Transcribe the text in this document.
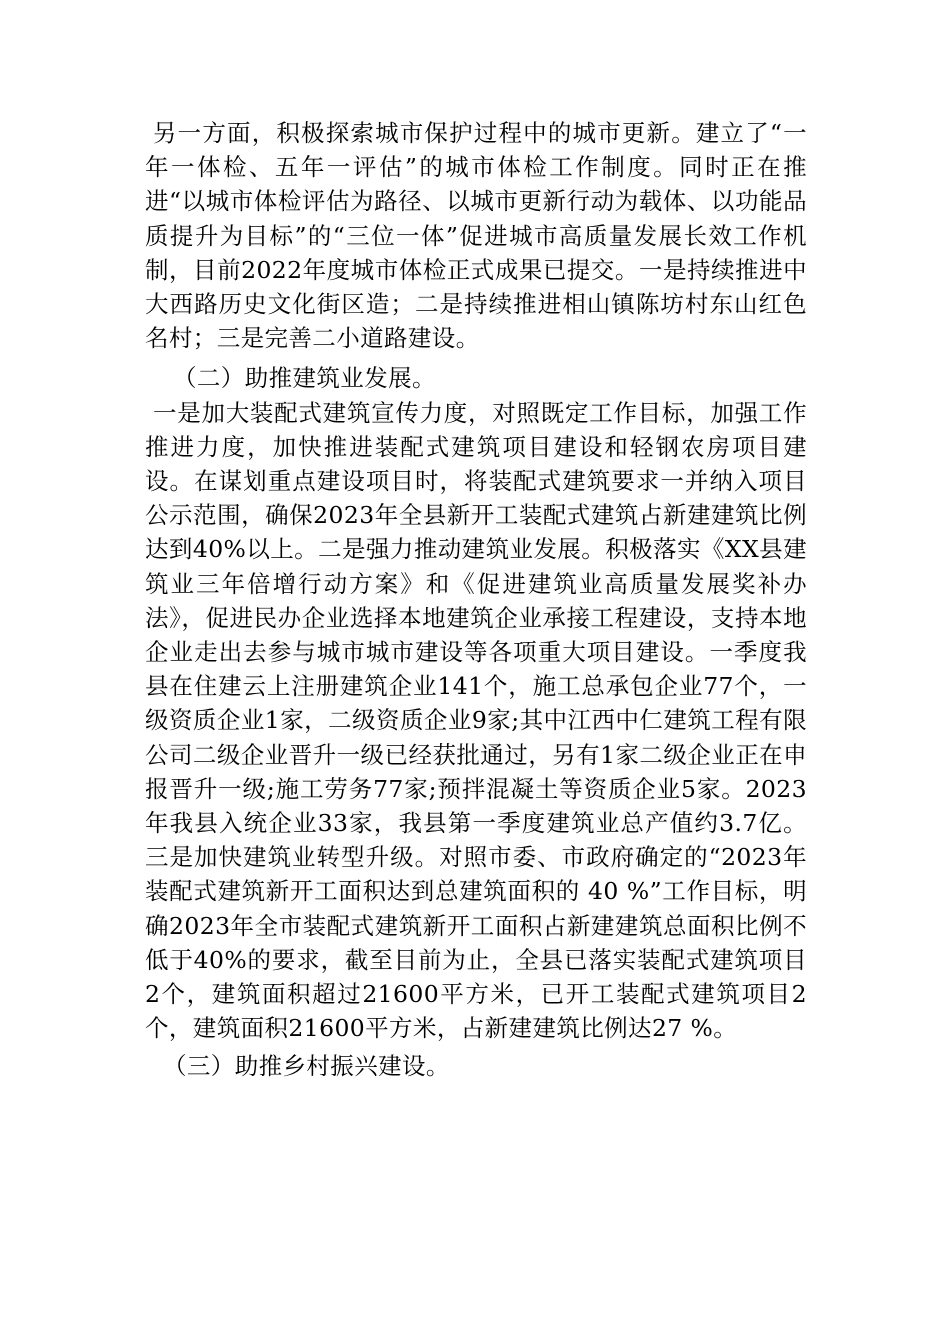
另一方面，积极探索城市保护过程中的城市更新。建立了“一年一体检、五年一评估”的城市体检工作制度。同时正在推进“以城市体检评估为路径、以城市更新行动为载体、以功能品质提升为目标”的“三位一体”促进城市高质量发展长效工作机制，目前2022年度城市体检正式成果已提交。一是持续推进中大西路历史文化街区造；二是持续推进相山镇陈坊村东山红色名村；三是完善二小道路建设。

（二）助推建筑业发展。

一是加大装配式建筑宣传力度，对照既定工作目标，加强工作推进力度，加快推进装配式建筑项目建设和轻钢农房项目建设。在谋划重点建设项目时，将装配式建筑要求一并纳入项目公示范围，确保2023年全县新开工装配式建筑占新建建筑比例达到40%以上。二是强力推动建筑业发展。积极落实《XX县建筑业三年倍增行动方案》和《促进建筑业高质量发展奖补办法》，促进民办企业选择本地建筑企业承接工程建设，支持本地企业走出去参与城市城市建设等各项重大项目建设。一季度我县在住建云上注册建筑企业141个，施工总承包企业77个，一级资质企业1家，二级资质企业9家;其中江西中仁建筑工程有限公司二级企业晋升一级已经获批通过，另有1家二级企业正在申报晋升一级;施工劳务77家;预拌混凝土等资质企业5家。2023年我县入统企业33家，我县第一季度建筑业总产值约3.7亿。三是加快建筑业转型升级。对照市委、市政府确定的“2023年装配式建筑新开工面积达到总建筑面积的 40 %”工作目标，明确2023年全市装配式建筑新开工面积占新建建筑总面积比例不低于40%的要求，截至目前为止，全县已落实装配式建筑项目2个，建筑面积超过21600平方米，已开工装配式建筑项目2个，建筑面积21600平方米，占新建建筑比例达27 %。

（三）助推乡村振兴建设。
